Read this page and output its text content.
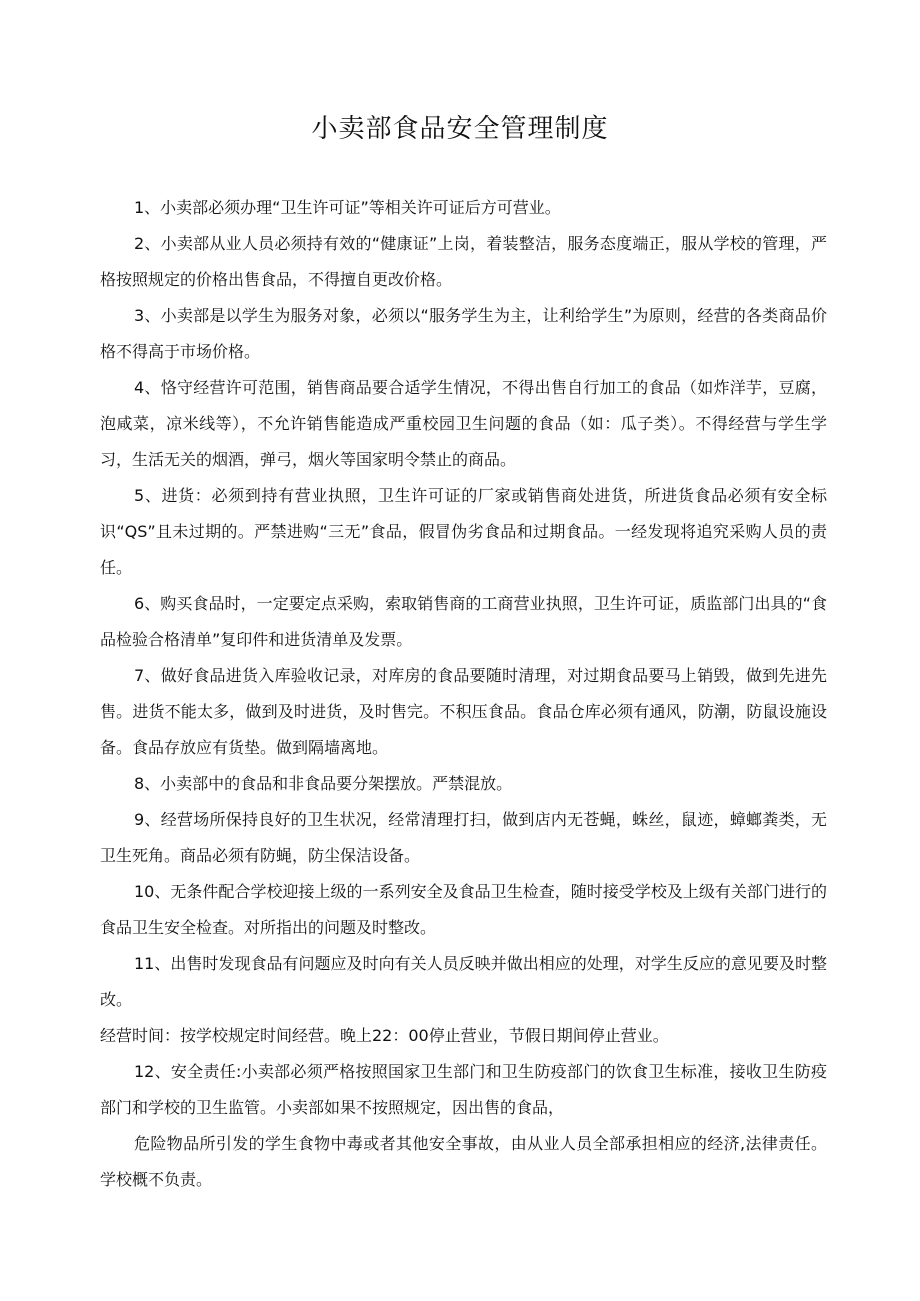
小卖部食品安全管理制度

1、小卖部必须办理“卫生许可证”等相关许可证后方可营业。

2、小卖部从业人员必须持有效的“健康证”上岗，着装整洁，服务态度端正，服从学校的管理，严格按照规定的价格出售食品，不得擅自更改价格。

3、小卖部是以学生为服务对象，必须以“服务学生为主，让利给学生”为原则，经营的各类商品价格不得高于市场价格。

4、恪守经营许可范围，销售商品要合适学生情况，不得出售自行加工的食品（如炸洋芋，豆腐，泡咸菜，凉米线等），不允许销售能造成严重校园卫生问题的食品（如：瓜子类）。不得经营与学生学习，生活无关的烟酒，弹弓，烟火等国家明令禁止的商品。

5、进货：必须到持有营业执照，卫生许可证的厂家或销售商处进货，所进货食品必须有安全标识“QS”且未过期的。严禁进购“三无”食品，假冒伪劣食品和过期食品。一经发现将追究采购人员的责任。

6、购买食品时，一定要定点采购，索取销售商的工商营业执照，卫生许可证，质监部门出具的“食品检验合格清单”复印件和进货清单及发票。

7、做好食品进货入库验收记录，对库房的食品要随时清理，对过期食品要马上销毁，做到先进先售。进货不能太多，做到及时进货，及时售完。不积压食品。食品仓库必须有通风，防潮，防鼠设施设备。食品存放应有货垫。做到隔墙离地。

8、小卖部中的食品和非食品要分架摆放。严禁混放。

9、经营场所保持良好的卫生状况，经常清理打扫，做到店内无苍蝇，蛛丝，鼠迹，蟑螂粪类，无卫生死角。商品必须有防蝇，防尘保洁设备。

10、无条件配合学校迎接上级的一系列安全及食品卫生检查，随时接受学校及上级有关部门进行的食品卫生安全检查。对所指出的问题及时整改。

11、出售时发现食品有问题应及时向有关人员反映并做出相应的处理，对学生反应的意见要及时整改。

经营时间：按学校规定时间经营。晚上22：00停止营业，节假日期间停止营业。

12、安全责任:小卖部必须严格按照国家卫生部门和卫生防疫部门的饮食卫生标准，接收卫生防疫部门和学校的卫生监管。小卖部如果不按照规定，因出售的食品，

危险物品所引发的学生食物中毒或者其他安全事故，由从业人员全部承担相应的经济,法律责任。学校概不负责。
